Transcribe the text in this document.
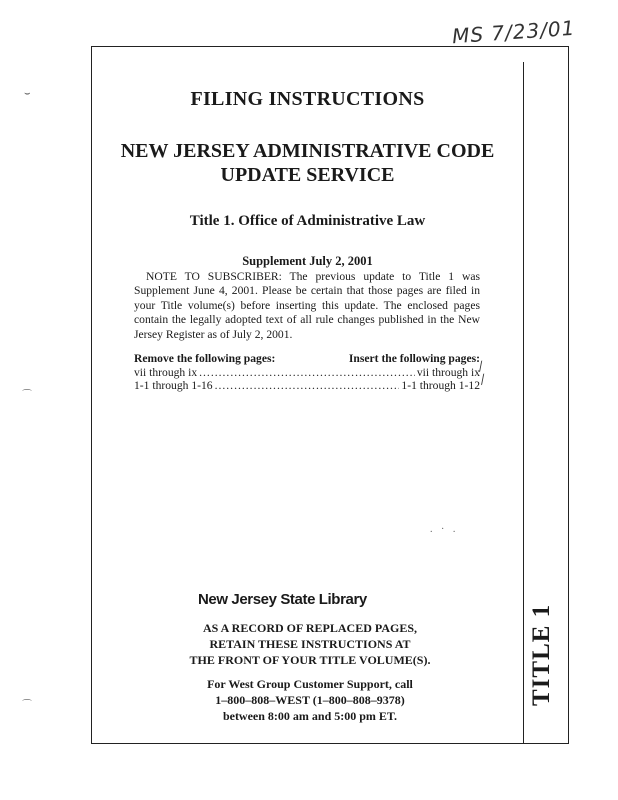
MS 7/23/01
⌣
⌒
⌒	TITLE 1
FILING INSTRUCTIONS
NEW JERSEY ADMINISTRATIVE CODE
UPDATE SERVICE
Title 1. Office of Administrative Law
Supplement July 2, 2001
NOTE TO SUBSCRIBER: The previous update to Title 1 was Supplement June 4, 2001. Please be certain that those pages are filed in your Title volume(s) before inserting this update. The enclosed pages contain the legally adopted text of all rule changes published in the New Jersey Register as of July 2, 2001.
Remove the following pages:	Insert the following pages:
vii through ix .....	vii through ix
1-1 through 1-16 .....	1-1 through 1-12
⁄
⁄
. · .
New Jersey State Library
AS A RECORD OF REPLACED PAGES,
RETAIN THESE INSTRUCTIONS AT
THE FRONT OF YOUR TITLE VOLUME(S).
For West Group Customer Support, call
1–800–808–WEST (1–800–808–9378)
between 8:00 am and 5:00 pm ET.
